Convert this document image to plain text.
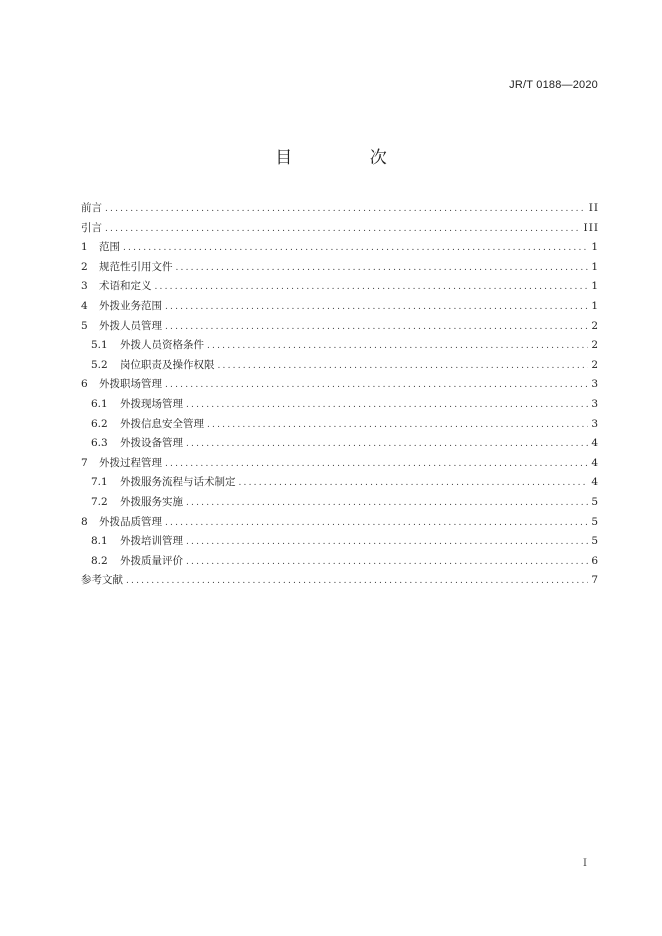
JR/T 0188—2020
目 次
前言 .....	II
引言 .....	III
1	范围 .....	1
2	规范性引用文件 .....	1
3	术语和定义 .....	1
4	外拨业务范围 .....	1
5	外拨人员管理 .....	2
5.1	外拨人员资格条件 .....	2
5.2	岗位职责及操作权限 .....	2
6	外拨职场管理 .....	3
6.1	外拨现场管理 .....	3
6.2	外拨信息安全管理 .....	3
6.3	外拨设备管理 .....	4
7	外拨过程管理 .....	4
7.1	外拨服务流程与话术制定 .....	4
7.2	外拨服务实施 .....	5
8	外拨品质管理 .....	5
8.1	外拨培训管理 .....	5
8.2	外拨质量评价 .....	6
参考文献 .....	7
I
